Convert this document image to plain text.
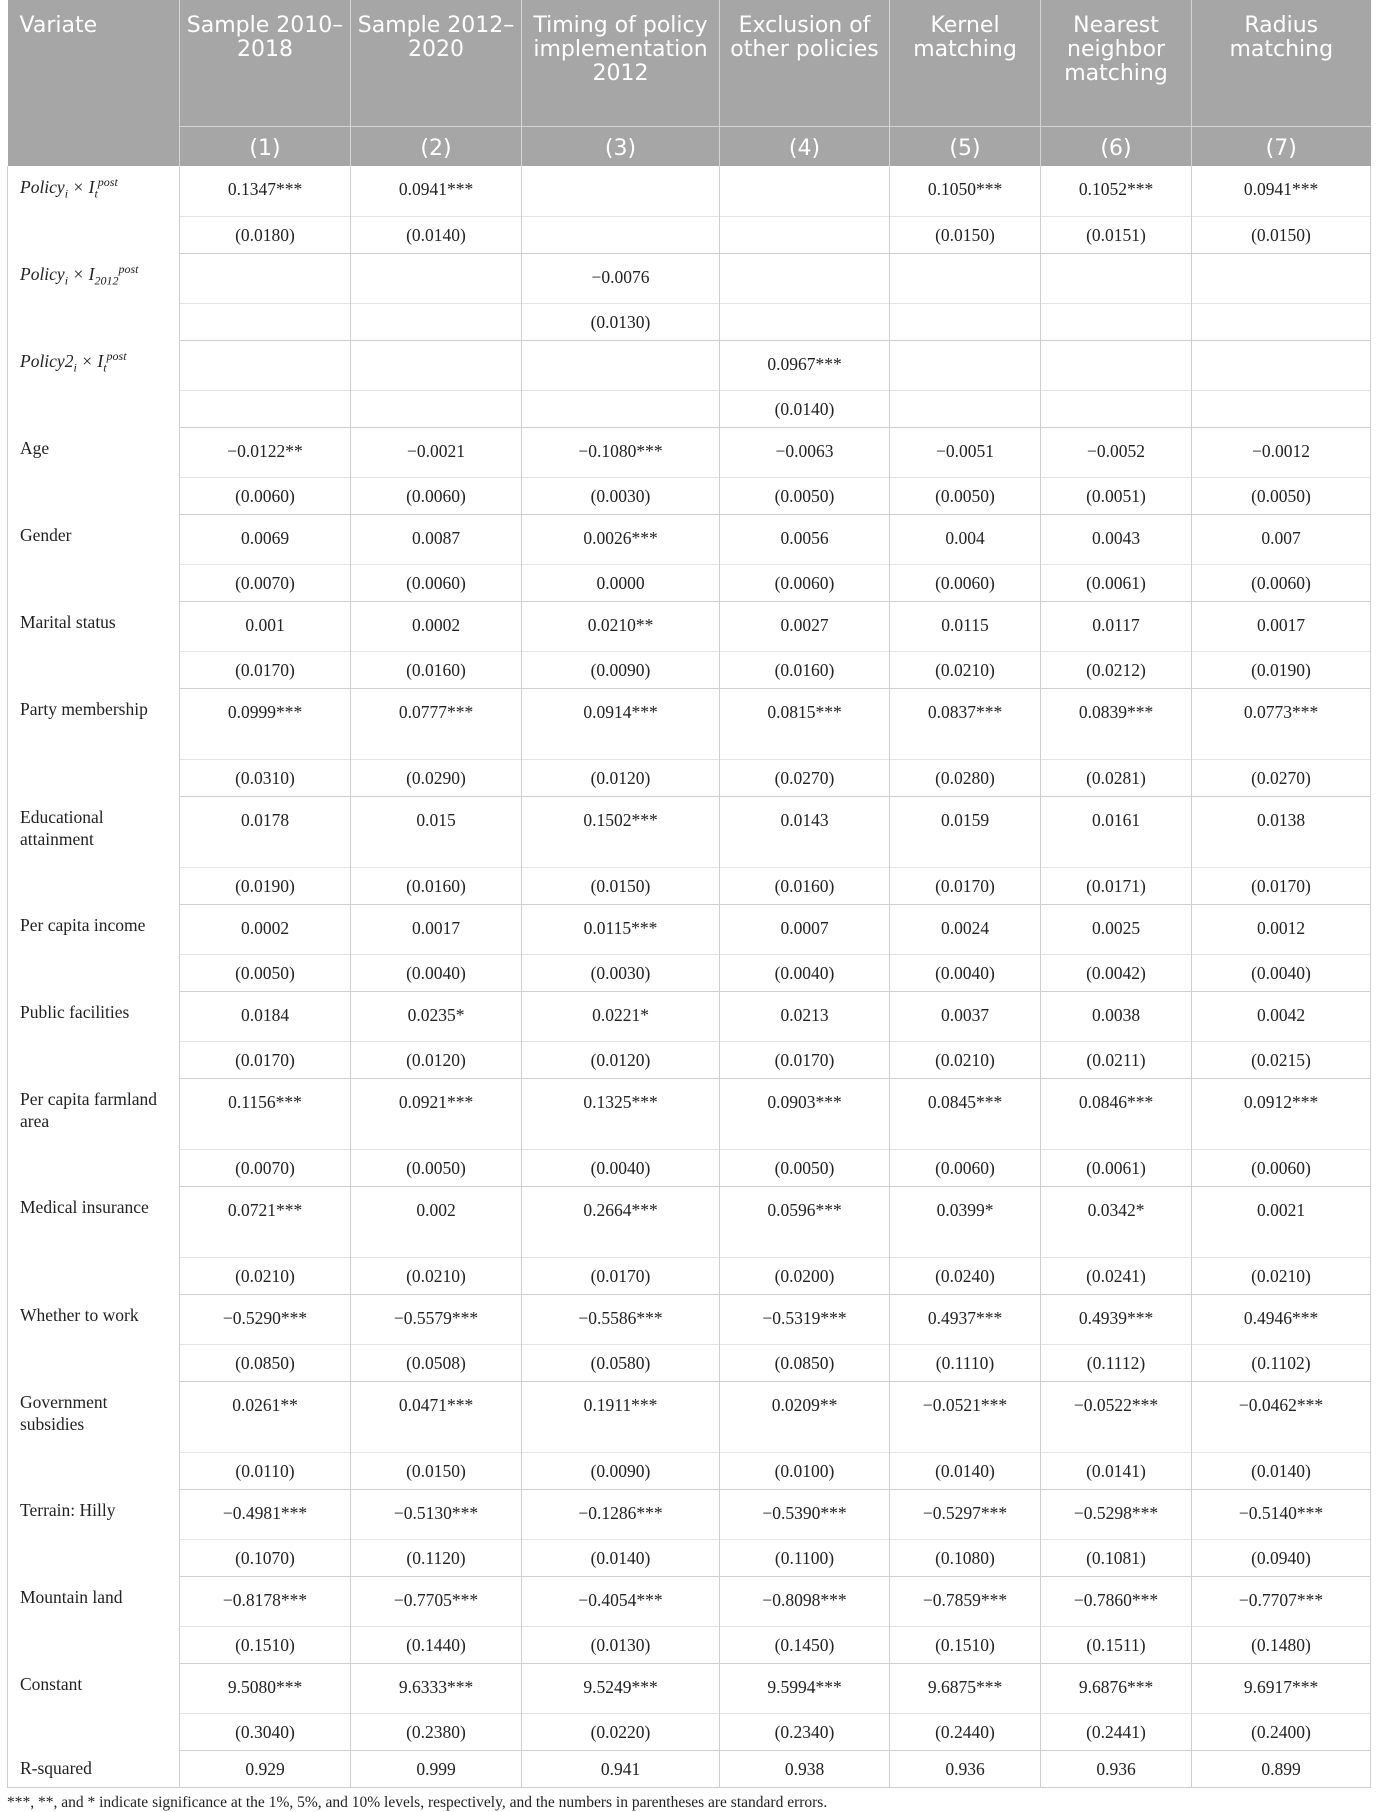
Variate	Sample 2010–2018	Sample 2012–2020	Timing of policy implementation 2012	Exclusion of other policies	Kernel matching	Nearest neighbor matching	Radius matching
	(1)	(2)	(3)	(4)	(5)	(6)	(7)
Policy$_i$ × $I_t^{post}$	0.1347***	0.0941***			0.1050***	0.1052***	0.0941***
	(0.0180)	(0.0140)			(0.0150)	(0.0151)	(0.0150)
Policy$_i$ × $I_{2012}^{post}$			−0.0076				
			(0.0130)				
$Policy2_i \times I_t^{post}$				0.0967***			
				(0.0140)			
Age	−0.0122**	−0.0021	−0.1080***	−0.0063	−0.0051	−0.0052	−0.0012
	(0.0060)	(0.0060)	(0.0030)	(0.0050)	(0.0050)	(0.0051)	(0.0050)
Gender	0.0069	0.0087	0.0026***	0.0056	0.004	0.0043	0.007
	(0.0070)	(0.0060)	0.0000	(0.0060)	(0.0060)	(0.0061)	(0.0060)
Marital status	0.001	0.0002	0.0210**	0.0027	0.0115	0.0117	0.0017
	(0.0170)	(0.0160)	(0.0090)	(0.0160)	(0.0210)	(0.0212)	(0.0190)
Party membership	0.0999***	0.0777***	0.0914***	0.0815***	0.0837***	0.0839***	0.0773***
	(0.0310)	(0.0290)	(0.0120)	(0.0270)	(0.0280)	(0.0281)	(0.0270)
Educational attainment	0.0178	0.015	0.1502***	0.0143	0.0159	0.0161	0.0138
	(0.0190)	(0.0160)	(0.0150)	(0.0160)	(0.0170)	(0.0171)	(0.0170)
Per capita income	0.0002	0.0017	0.0115***	0.0007	0.0024	0.0025	0.0012
	(0.0050)	(0.0040)	(0.0030)	(0.0040)	(0.0040)	(0.0042)	(0.0040)
Public facilities	0.0184	0.0235*	0.0221*	0.0213	0.0037	0.0038	0.0042
	(0.0170)	(0.0120)	(0.0120)	(0.0170)	(0.0210)	(0.0211)	(0.0215)
Per capita farmland area	0.1156***	0.0921***	0.1325***	0.0903***	0.0845***	0.0846***	0.0912***
	(0.0070)	(0.0050)	(0.0040)	(0.0050)	(0.0060)	(0.0061)	(0.0060)
Medical insurance	0.0721***	0.002	0.2664***	0.0596***	0.0399*	0.0342*	0.0021
	(0.0210)	(0.0210)	(0.0170)	(0.0200)	(0.0240)	(0.0241)	(0.0210)
Whether to work	−0.5290***	−0.5579***	−0.5586***	−0.5319***	0.4937***	0.4939***	0.4946***
	(0.0850)	(0.0508)	(0.0580)	(0.0850)	(0.1110)	(0.1112)	(0.1102)
Government subsidies	0.0261**	0.0471***	0.1911***	0.0209**	−0.0521***	−0.0522***	−0.0462***
	(0.0110)	(0.0150)	(0.0090)	(0.0100)	(0.0140)	(0.0141)	(0.0140)
Terrain: Hilly	−0.4981***	−0.5130***	−0.1286***	−0.5390***	−0.5297***	−0.5298***	−0.5140***
	(0.1070)	(0.1120)	(0.0140)	(0.1100)	(0.1080)	(0.1081)	(0.0940)
Mountain land	−0.8178***	−0.7705***	−0.4054***	−0.8098***	−0.7859***	−0.7860***	−0.7707***
	(0.1510)	(0.1440)	(0.0130)	(0.1450)	(0.1510)	(0.1511)	(0.1480)
Constant	9.5080***	9.6333***	9.5249***	9.5994***	9.6875***	9.6876***	9.6917***
	(0.3040)	(0.2380)	(0.0220)	(0.2340)	(0.2440)	(0.2441)	(0.2400)
R-squared	0.929	0.999	0.941	0.938	0.936	0.936	0.899
***, **, and * indicate significance at the 1%, 5%, and 10% levels, respectively, and the numbers in parentheses are standard errors.
